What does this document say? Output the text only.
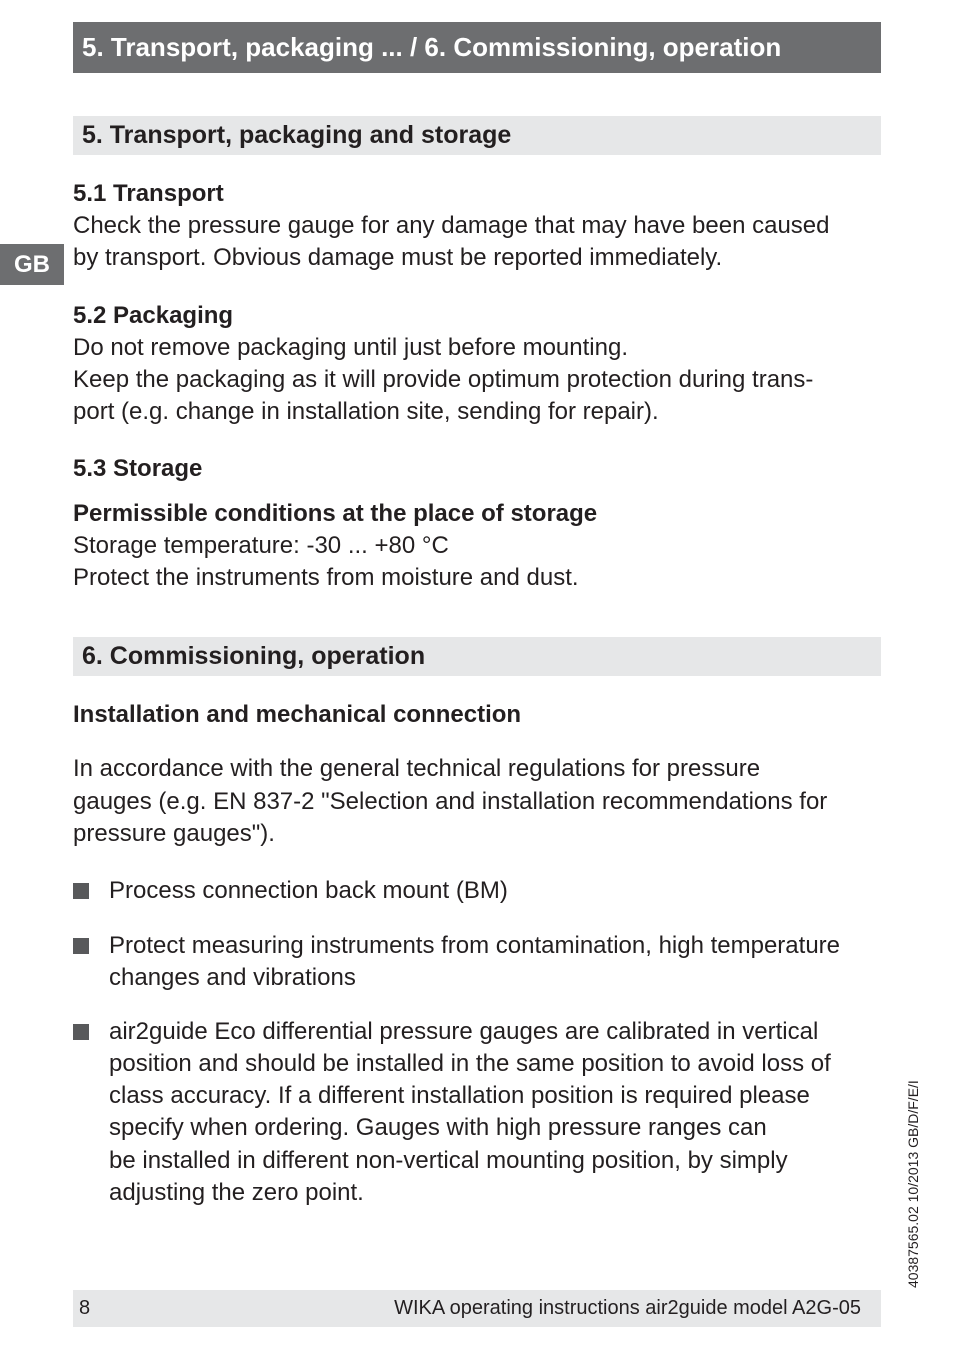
5. Transport, packaging ... / 6. Commissioning, operation
GB
5. Transport, packaging and storage
5.1 Transport
Check the pressure gauge for any damage that may have been caused
by transport. Obvious damage must be reported immediately.
5.2 Packaging
Do not remove packaging until just before mounting.
Keep the packaging as it will provide optimum protection during trans-
port (e.g. change in installation site, sending for repair).
5.3 Storage
Permissible conditions at the place of storage
Storage temperature: -30 ... +80 °C
Protect the instruments from moisture and dust.
6. Commissioning, operation
Installation and mechanical connection
In accordance with the general technical regulations for pressure
gauges (e.g. EN 837-2 "Selection and installation recommendations for
pressure gauges").
Process connection back mount (BM)
Protect measuring instruments from contamination, high temperature
changes and vibrations
air2guide Eco differential pressure gauges are calibrated in vertical
position and should be installed in the same position to avoid loss of
class accuracy. If a different installation position is required please
specify when ordering. Gauges with high pressure ranges can
be installed in different non-vertical mounting position, by simply
adjusting the zero point.	40387565.02 10/2013 GB/D/F/E/I
8	WIKA operating instructions air2guide model A2G-05
